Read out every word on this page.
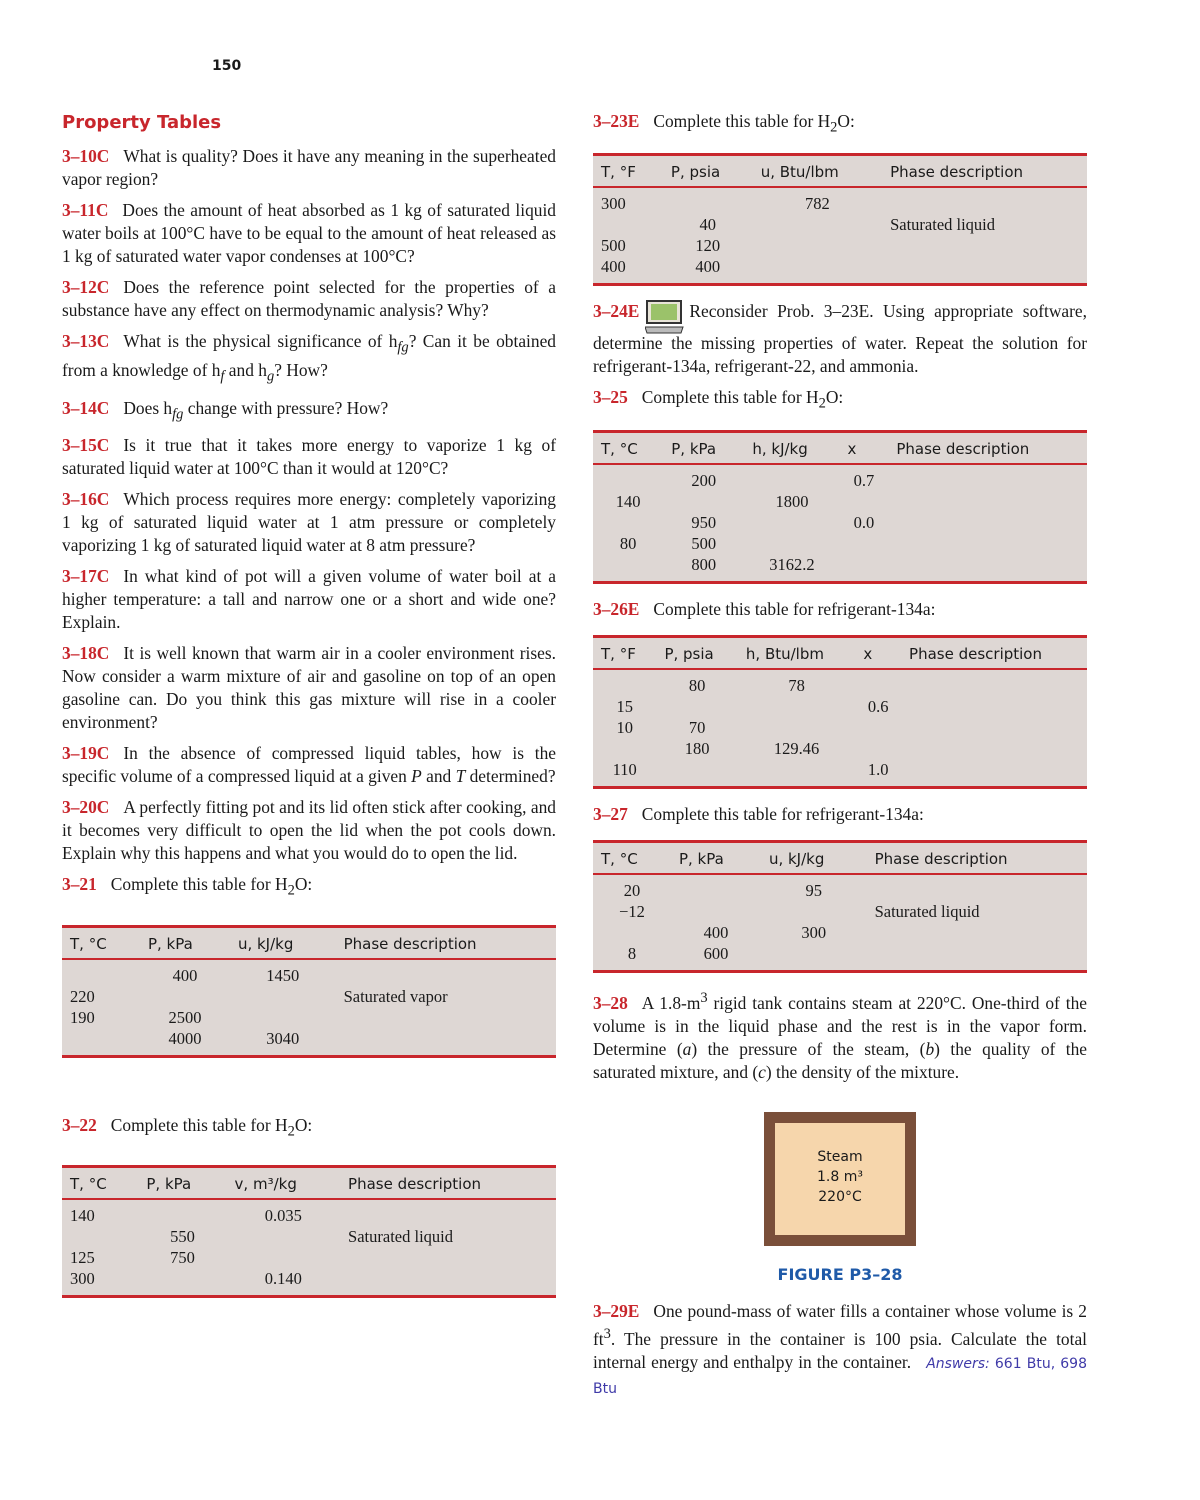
150
Property Tables

3–10C What is quality? Does it have any meaning in the superheated vapor region?

3–11C Does the amount of heat absorbed as 1 kg of saturated liquid water boils at 100°C have to be equal to the amount of heat released as 1 kg of saturated water vapor condenses at 100°C?

3–12C Does the reference point selected for the properties of a substance have any effect on thermodynamic analysis? Why?

3–13C What is the physical significance of $h_{fg}$? Can it be obtained from a knowledge of $h_f$ and $h_g$? How?

3–14C Does $h_{fg}$ change with pressure? How?

3–15C Is it true that it takes more energy to vaporize 1 kg of saturated liquid water at 100°C than it would at 120°C?

3–16C Which process requires more energy: completely vaporizing 1 kg of saturated liquid water at 1 atm pressure or completely vaporizing 1 kg of saturated liquid water at 8 atm pressure?

3–17C In what kind of pot will a given volume of water boil at a higher temperature: a tall and narrow one or a short and wide one? Explain.

3–18C It is well known that warm air in a cooler environment rises. Now consider a warm mixture of air and gasoline on top of an open gasoline can. Do you think this gas mixture will rise in a cooler environment?

3–19C In the absence of compressed liquid tables, how is the specific volume of a compressed liquid at a given P and T determined?

3–20C A perfectly fitting pot and its lid often stick after cooking, and it becomes very difficult to open the lid when the pot cools down. Explain why this happens and what you would do to open the lid.

3–21 Complete this table for $H_2O$:

T, °C	P, kPa	u, kJ/kg	Phase description
	400	1450	
220			Saturated vapor
190	2500		
	4000	3040	

3–22 Complete this table for $H_2O$:

T, °C	P, kPa	v, m³/kg	Phase description
140		0.035	
	550		Saturated liquid
125	750		
300		0.140	

3–23E Complete this table for $H_2O$:

T, °F	P, psia	u, Btu/lbm	Phase description
300		782	
	40		Saturated liquid
500	120		
400	400		

3–24E	Reconsider Prob. 3–23E. Using appropriate software, determine the missing properties of water. Repeat the solution for refrigerant-134a, refrigerant-22, and ammonia.

3–25 Complete this table for $H_2O$:

T, °C	P, kPa	h, kJ/kg	x	Phase description
	200		0.7	
140		1800		
	950		0.0	
80	500			
	800	3162.2		

3–26E Complete this table for refrigerant-134a:

T, °F	P, psia	h, Btu/lbm	x	Phase description
	80	78		
15			0.6	
10	70			
	180	129.46		
110			1.0	

3–27 Complete this table for refrigerant-134a:

T, °C	P, kPa	u, kJ/kg	Phase description
20		95	
−12			Saturated liquid
	400	300	
8	600		

3–28 A $1.8-m^3$ rigid tank contains steam at 220°C. One-third of the volume is in the liquid phase and the rest is in the vapor form. Determine (a) the pressure of the steam, (b) the quality of the saturated mixture, and (c) the density of the mixture.

Steam
1.8 m³
220°C
FIGURE P3–28

3–29E One pound-mass of water fills a container whose volume is 2 $ft^3$. The pressure in the container is 100 psia. Calculate the total internal energy and enthalpy in the container. Answers: 661 Btu, 698 Btu
